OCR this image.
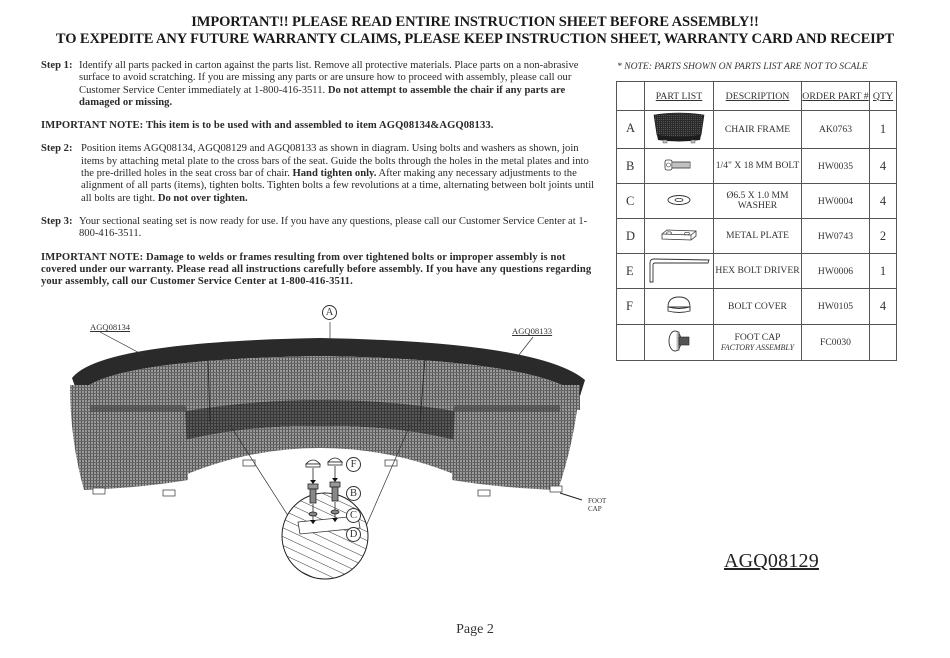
IMPORTANT!! PLEASE READ ENTIRE INSTRUCTION SHEET BEFORE ASSEMBLY!!
TO EXPEDITE ANY FUTURE WARRANTY CLAIMS, PLEASE KEEP INSTRUCTION SHEET, WARRANTY CARD AND RECEIPT
Step 1: Identify all parts packed in carton against the parts list. Remove all protective materials. Place parts on a non-abrasive surface to avoid scratching. If you are missing any parts or are unsure how to proceed with assembly, please call our Customer Service Center immediately at 1-800-416-3511. Do not attempt to assemble the chair if any parts are damaged or missing.
IMPORTANT NOTE: This item is to be used with and assembled to item AGQ08134&AGQ08133.
Step 2: Position items AGQ08134, AGQ08129 and AGQ08133 as shown in diagram. Using bolts and washers as shown, join items by attaching metal plate to the cross bars of the seat. Guide the bolts through the holes in the metal plates and into the pre-drilled holes in the seat cross bar of chair. Hand tighten only. After making any necessary adjustments to the alignment of all parts (items), tighten bolts. Tighten bolts a few revolutions at a time, alternating between bolt joints until all bolts are tight. Do not over tighten.
Step 3: Your sectional seating set is now ready for use. If you have any questions, please call our Customer Service Center at 1-800-416-3511.
IMPORTANT NOTE: Damage to welds or frames resulting from over tightened bolts or improper assembly is not covered under our warranty. Please read all instructions carefully before assembly. If you have any questions regarding your assembly, call our Customer Service Center at 1-800-416-3511.
* NOTE: PARTS SHOWN ON PARTS LIST ARE NOT TO SCALE
	PART LIST	DESCRIPTION	ORDER PART #	QTY
A		CHAIR FRAME	AK0763	1
B		1/4" X 18 MM BOLT	HW0035	4
C		Ø6.5 X 1.0 MM WASHER	HW0004	4
D		METAL PLATE	HW0743	2
E		HEX BOLT DRIVER	HW0006	1
F		BOLT COVER	HW0105	4

FOOT CAP
FACTORY ASSEMBLY	FC0030	
AGQ08134	AGQ08133
A
F
B
C
D
FOOT CAP
AGQ08129
Page 2
